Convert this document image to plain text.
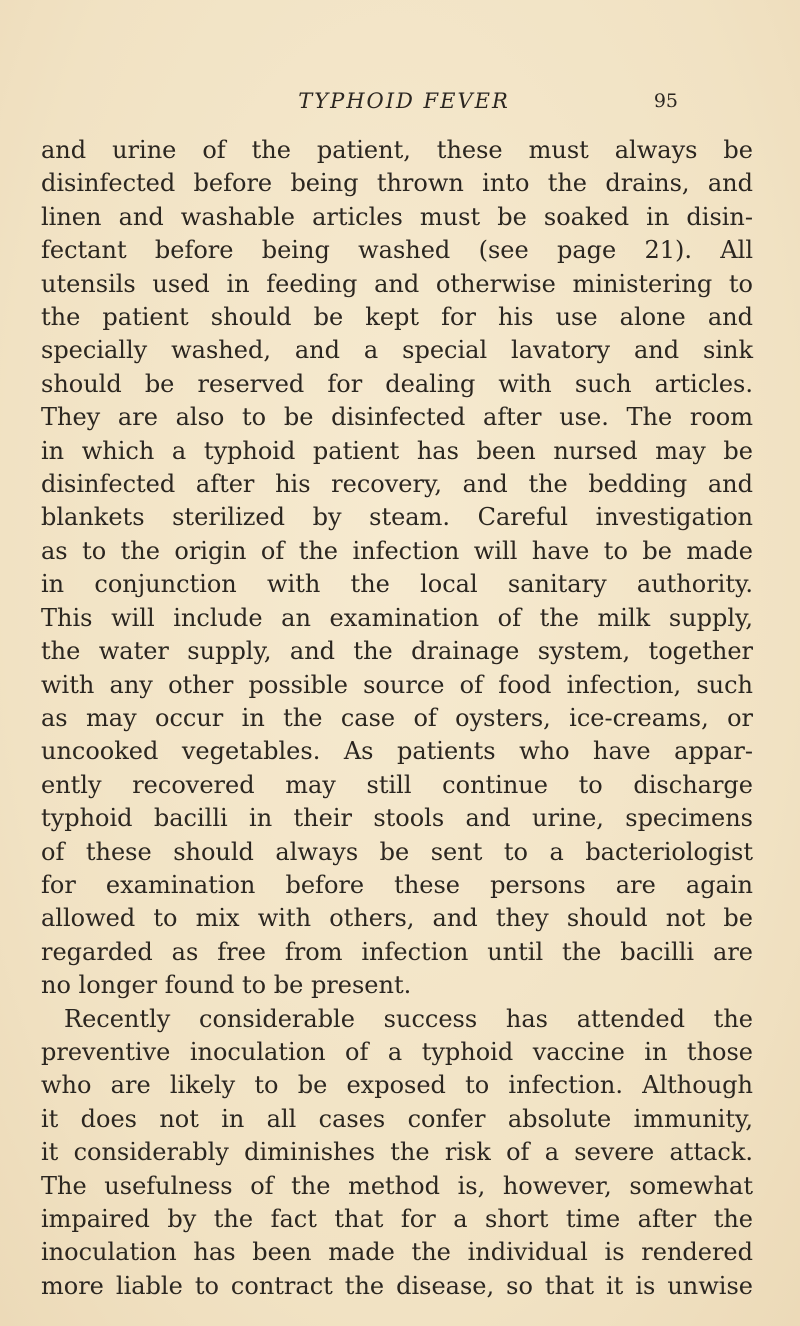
TYPHOID FEVER	95
and urine of the patient, these must always be
disinfected before being thrown into the drains, and
linen and washable articles must be soaked in disin-
fectant before being washed (see page 21). All
utensils used in feeding and otherwise ministering to
the patient should be kept for his use alone and
specially washed, and a special lavatory and sink
should be reserved for dealing with such articles.
They are also to be disinfected after use. The room
in which a typhoid patient has been nursed may be
disinfected after his recovery, and the bedding and
blankets sterilized by steam. Careful investigation
as to the origin of the infection will have to be made
in conjunction with the local sanitary authority.
This will include an examination of the milk supply,
the water supply, and the drainage system, together
with any other possible source of food infection, such
as may occur in the case of oysters, ice-creams, or
uncooked vegetables. As patients who have appar-
ently recovered may still continue to discharge
typhoid bacilli in their stools and urine, specimens
of these should always be sent to a bacteriologist
for examination before these persons are again
allowed to mix with others, and they should not be
regarded as free from infection until the bacilli are
no longer found to be present.
Recently considerable success has attended the
preventive inoculation of a typhoid vaccine in those
who are likely to be exposed to infection. Although
it does not in all cases confer absolute immunity,
it considerably diminishes the risk of a severe attack.
The usefulness of the method is, however, somewhat
impaired by the fact that for a short time after the
inoculation has been made the individual is rendered
more liable to contract the disease, so that it is unwise
